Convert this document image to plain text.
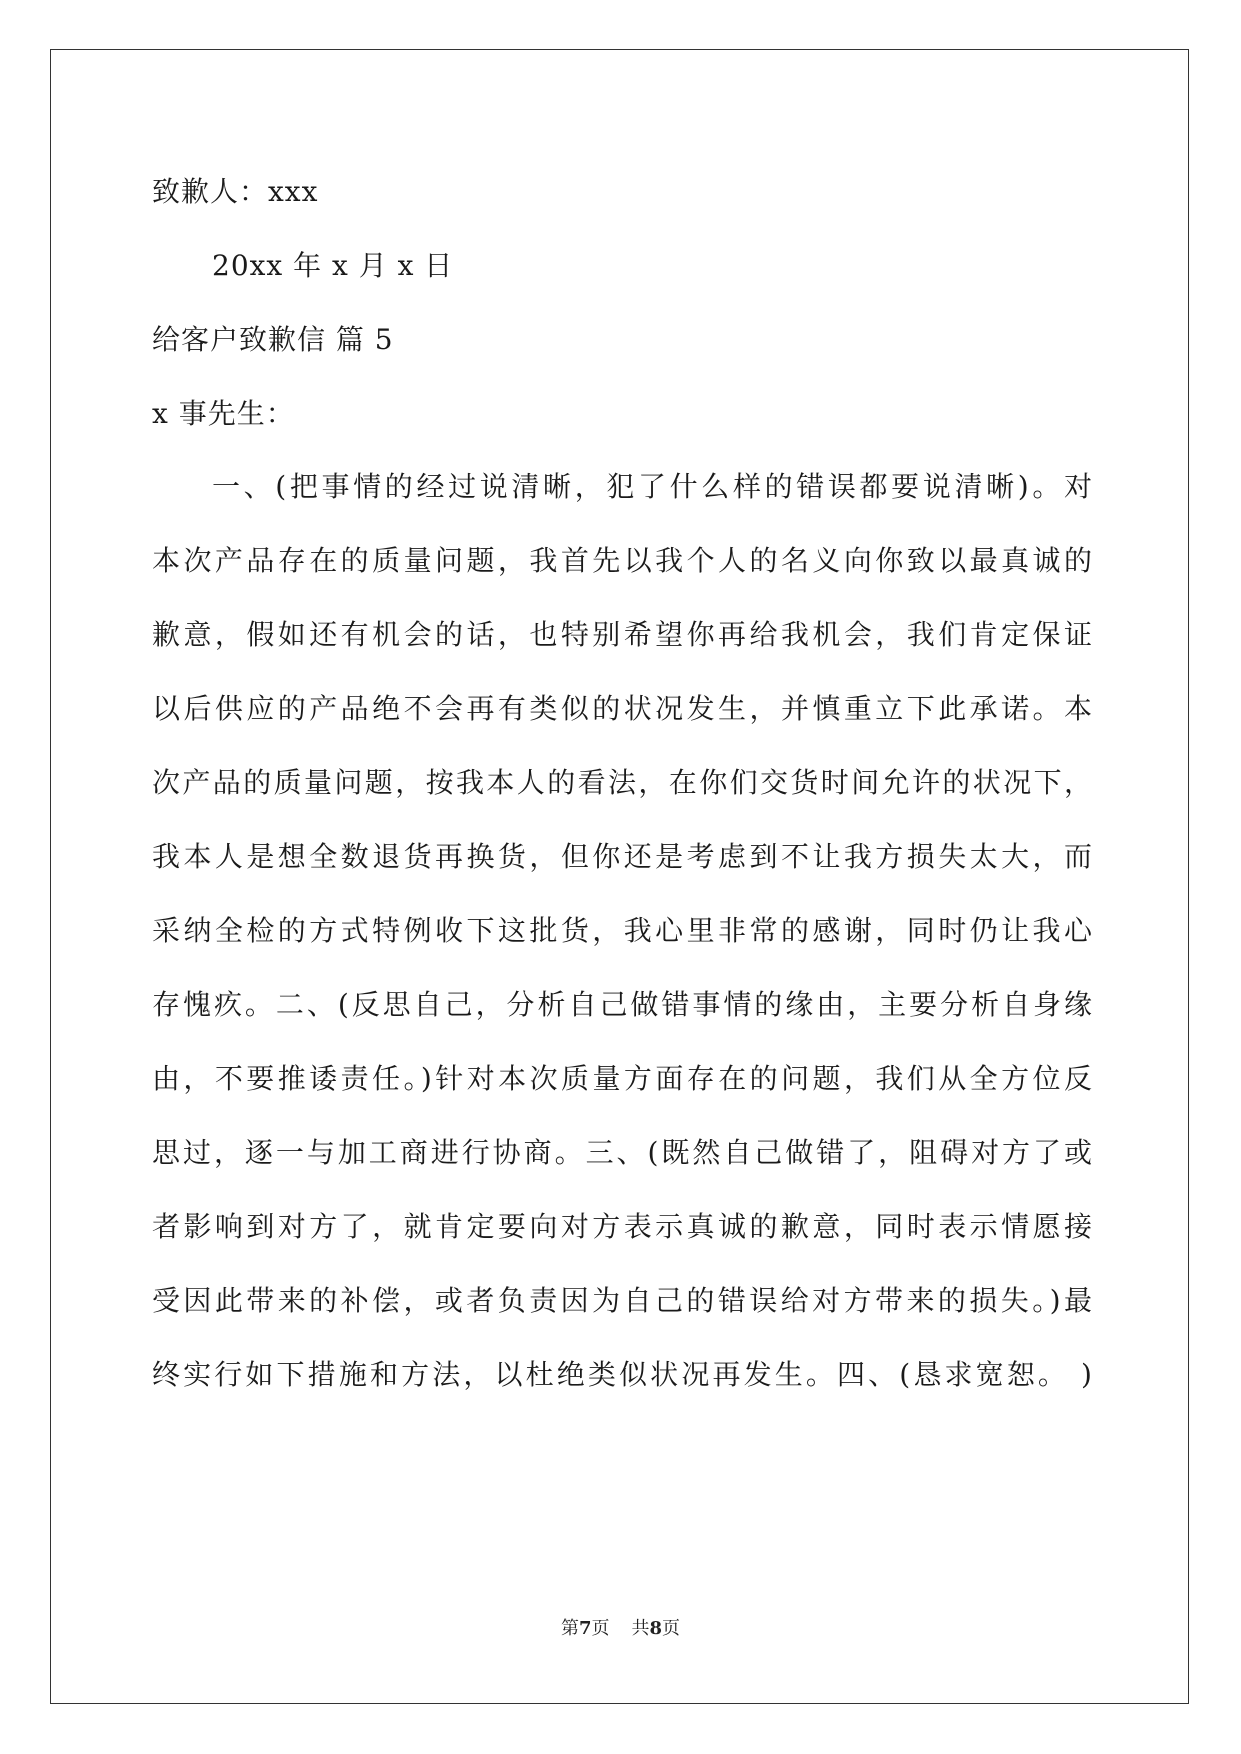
致歉人：xxx
20xx 年 x 月 x 日
给客户致歉信 篇 5
x 事先生：
一、(把事情的经过说清晰，犯了什么样的错误都要说清晰)。对
本次产品存在的质量问题，我首先以我个人的名义向你致以最真诚的
歉意，假如还有机会的话，也特别希望你再给我机会，我们肯定保证
以后供应的产品绝不会再有类似的状况发生，并慎重立下此承诺。本
次产品的质量问题，按我本人的看法，在你们交货时间允许的状况下，
我本人是想全数退货再换货，但你还是考虑到不让我方损失太大，而
采纳全检的方式特例收下这批货，我心里非常的感谢，同时仍让我心
存愧疚。二、(反思自己，分析自己做错事情的缘由，主要分析自身缘
由，不要推诿责任。)针对本次质量方面存在的问题，我们从全方位反
思过，逐一与加工商进行协商。三、(既然自己做错了，阻碍对方了或
者影响到对方了，就肯定要向对方表示真诚的歉意，同时表示情愿接
受因此带来的补偿，或者负责因为自己的错误给对方带来的损失。)最
终实行如下措施和方法，以杜绝类似状况再发生。四、(恳求宽恕。 )
第7页 共8页
